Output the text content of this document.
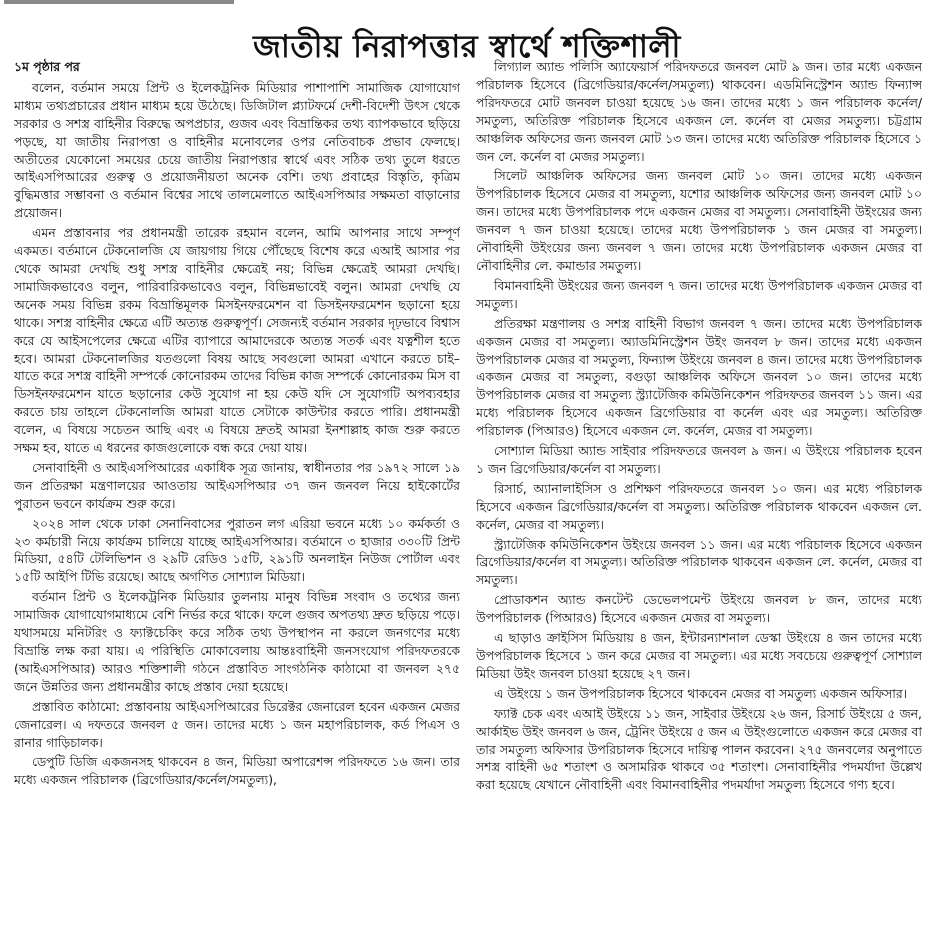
জাতীয় নিরাপত্তার স্বার্থে শক্তিশালী

১ম পৃষ্ঠার পর

বলেন, বর্তমান সময়ে প্রিন্ট ও ইলেকট্রনিক মিডিয়ার পাশাপাশি সামাজিক যোগাযোগ মাধ্যম তথ্যপ্রচারের প্রধান মাধ্যম হয়ে উঠেছে। ডিজিটাল প্ল্যাটফর্মে দেশী-বিদেশী উৎস থেকে সরকার ও সশস্ত্র বাহিনীর বিরুদ্ধে অপপ্রচার, গুজব এবং বিভ্রান্তিকর তথ্য ব্যাপকভাবে ছড়িয়ে পড়ছে, যা জাতীয় নিরাপত্তা ও বাহিনীর মনোবলের ওপর নেতিবাচক প্রভাব ফেলছে। অতীতের যেকোনো সময়ের চেয়ে জাতীয় নিরাপত্তার স্বার্থে এবং সঠিক তথ্য তুলে ধরতে আইএসপিআরের গুরুত্ব ও প্রয়োজনীয়তা অনেক বেশি। তথ্য প্রবাহের বিস্তৃতি, কৃত্রিম বুদ্ধিমত্তার সম্ভাবনা ও বর্তমান বিশ্বের সাথে তালমেলাতে আইএসপিআর সক্ষমতা বাড়ানোর প্রয়োজন।

এমন প্রস্তাবনার পর প্রধানমন্ত্রী তারেক রহমান বলেন, আমি আপনার সাথে সম্পূর্ণ একমত। বর্তমানে টেকনোলজি যে জায়গায় গিয়ে পৌঁছেছে বিশেষ করে এআই আসার পর থেকে আমরা দেখছি শুধু সশস্ত্র বাহিনীর ক্ষেত্রেই নয়; বিভিন্ন ক্ষেত্রেই আমরা দেখছি। সামাজিকভাবেও বলুন, পারিবারিকভাবেও বলুন, বিভিন্নভাবেই বলুন। আমরা দেখছি যে অনেক সময় বিভিন্ন রকম বিভ্রান্তিমূলক মিসইনফরমেশন বা ডিসইনফরমেশন ছড়ানো হয়ে থাকে। সশস্ত্র বাহিনীর ক্ষেত্রে এটি অত্যন্ত গুরুত্বপূর্ণ। সেজন্যই বর্তমান সরকার দৃঢ়ভাবে বিশ্বাস করে যে আইসপেলের ক্ষেত্রে এটির ব্যাপারে আমাদেরকে অত্যন্ত সতর্ক এবং যত্নশীল হতে হবে। আমরা টেকনোলজির যতগুলো বিষয় আছে সবগুলো আমরা এখানে করতে চাই– যাতে করে সশস্ত্র বাহিনী সম্পর্কে কোনোরকম তাদের বিভিন্ন কাজ সম্পর্কে কোনোরকম মিস বা ডিসইনফরমেশন যাতে ছড়ানোর কেউ সুযোগ না হয় কেউ যদি সে সুযোগটি অপব্যবহার করতে চায় তাহলে টেকনোলজি আমরা যাতে সেটাকে কাউন্টার করতে পারি। প্রধানমন্ত্রী বলেন, এ বিষয়ে সচেতন আছি এবং এ বিষয়ে দ্রুতই আমরা ইনশাল্লাহ কাজ শুরু করতে সক্ষম হব, যাতে এ ধরনের কাজগুলোকে বন্ধ করে দেয়া যায়।

সেনাবাহিনী ও আইএসপিআরের একাধিক সূত্র জানায়, স্বাধীনতার পর ১৯৭২ সালে ১৯ জন প্রতিরক্ষা মন্ত্রণালয়ের আওতায় আইএসপিআর ৩৭ জন জনবল নিয়ে হাইকোর্টের পুরাতন ভবনে কার্যক্রম শুরু করে।

২০২৪ সাল থেকে ঢাকা সেনানিবাসের পুরাতন লগ এরিয়া ভবনে মধ্যে ১০ কর্মকর্তা ও ২৩ কর্মচারী নিয়ে কার্যক্রম চালিয়ে যাচ্ছে আইএসপিআর। বর্তমানে ৩ হাজার ৩৩০টি প্রিন্ট মিডিয়া, ৫৪টি টেলিভিশন ও ২৯টি রেডিও ১৫টি, ২৯১টি অনলাইন নিউজ পোর্টাল এবং ১৫টি আইপি টিভি রয়েছে। আছে অগণিত সোশ্যাল মিডিয়া।

বর্তমান প্রিন্ট ও ইলেকট্রনিক মিডিয়ার তুলনায় মানুষ বিভিন্ন সংবাদ ও তথ্যের জন্য সামাজিক যোগাযোগমাধ্যমে বেশি নির্ভর করে থাকে। ফলে গুজব অপতথ্য দ্রুত ছড়িয়ে পড়ে। যথাসময়ে মনিটরিং ও ফ্যাক্টচেকিং করে সঠিক তথ্য উপস্থাপন না করলে জনগণের মধ্যে বিভ্রান্তি লক্ষ করা যায়। এ পরিস্থিতি মোকাবেলায় আন্তঃবাহিনী জনসংযোগ পরিদফতরকে (আইএসপিআর) আরও শক্তিশালী গঠনে প্রস্তাবিত সাংগঠনিক কাঠামো বা জনবল ২৭৫ জনে উন্নতির জন্য প্রধানমন্ত্রীর কাছে প্রস্তাব দেয়া হয়েছে।

প্রস্তাবিত কাঠামো: প্রস্তাবনায় আইএসপিআরের ডিরেক্টর জেনারেল হবেন একজন মেজর জেনারেল। এ দফতরে জনবল ৫ জন। তাদের মধ্যে ১ জন মহাপরিচালক, কর্ড পিএস ও রানার গাড়িচালক।

ডেপুটি ডিজি একজনসহ থাকবেন ৪ জন, মিডিয়া অপারেশন্স পরিদফতে ১৬ জন। তার মধ্যে একজন পরিচালক (ব্রিগেডিয়ার/কর্নেল/সমতুল্য),

লিগ্যাল অ্যান্ড পলিসি অ্যাফেয়ার্স পরিদফতরে জনবল মোট ৯ জন। তার মধ্যে একজন পরিচালক হিসেবে (ব্রিগেডিয়ার/কর্নেল/সমতুল্য) থাকবেন। এডমিনিস্ট্রেশন অ্যান্ড ফিন্যান্স পরিদফতরে মোট জনবল চাওয়া হয়েছে ১৬ জন। তাদের মধ্যে ১ জন পরিচালক কর্নেল/সমতুল্য, অতিরিক্ত পরিচালক হিসেবে একজন লে. কর্নেল বা মেজর সমতুল্য। চট্টগ্রাম আঞ্চলিক অফিসের জন্য জনবল মোট ১৩ জন। তাদের মধ্যে অতিরিক্ত পরিচালক হিসেবে ১ জন লে. কর্নেল বা মেজর সমতুল্য।

সিলেট আঞ্চলিক অফিসের জন্য জনবল মোট ১০ জন। তাদের মধ্যে একজন উপপরিচালক হিসেবে মেজর বা সমতুল্য, যশোর আঞ্চলিক অফিসের জন্য জনবল মোট ১০ জন। তাদের মধ্যে উপপরিচালক পদে একজন মেজর বা সমতুল্য। সেনাবাহিনী উইংয়ের জন্য জনবল ৭ জন চাওয়া হয়েছে। তাদের মধ্যে উপপরিচালক ১ জন মেজর বা সমতুল্য। নৌবাহিনী উইংয়ের জন্য জনবল ৭ জন। তাদের মধ্যে উপপরিচালক একজন মেজর বা নৌবাহিনীর লে. কমান্ডার সমতুল্য।

বিমানবাহিনী উইংয়ের জন্য জনবল ৭ জন। তাদের মধ্যে উপপরিচালক একজন মেজর বা সমতুল্য।

প্রতিরক্ষা মন্ত্রণালয় ও সশস্ত্র বাহিনী বিভাগ জনবল ৭ জন। তাদের মধ্যে উপপরিচালক একজন মেজর বা সমতুল্য। অ্যাডমিনিস্ট্রেশন উইং জনবল ৮ জন। তাদের মধ্যে একজন উপপরিচালক মেজর বা সমতুল্য, ফিন্যান্স উইংয়ে জনবল ৪ জন। তাদের মধ্যে উপপরিচালক একজন মেজর বা সমতুল্য, বগুড়া আঞ্চলিক অফিসে জনবল ১০ জন। তাদের মধ্যে উপপরিচালক মেজর বা সমতুল্য স্ট্র্যাটেজিক কমিউনিকেশন পরিদফতর জনবল ১১ জন। এর মধ্যে পরিচালক হিসেবে একজন ব্রিগেডিয়ার বা কর্নেল এবং এর সমতুল্য। অতিরিক্ত পরিচালক (পিআরও) হিসেবে একজন লে. কর্নেল, মেজর বা সমতুল্য।

সোশ্যাল মিডিয়া অ্যান্ড সাইবার পরিদফতরে জনবল ৯ জন। এ উইংয়ে পরিচালক হবেন ১ জন ব্রিগেডিয়ার/কর্নেল বা সমতুল্য।

রিসার্চ, অ্যানালাইসিস ও প্রশিক্ষণ পরিদফতরে জনবল ১০ জন। এর মধ্যে পরিচালক হিসেবে একজন ব্রিগেডিয়ার/কর্নেল বা সমতুল্য। অতিরিক্ত পরিচালক থাকবেন একজন লে. কর্নেল, মেজর বা সমতুল্য।

স্ট্র্যাটেজিক কমিউনিকেশন উইংয়ে জনবল ১১ জন। এর মধ্যে পরিচালক হিসেবে একজন ব্রিগেডিয়ার/কর্নেল বা সমতুল্য। অতিরিক্ত পরিচালক থাকবেন একজন লে. কর্নেল, মেজর বা সমতুল্য।

প্রোডাকশন অ্যান্ড কনটেন্ট ডেভেলপমেন্ট উইংয়ে জনবল ৮ জন, তাদের মধ্যে উপপরিচালক (পিআরও) হিসেবে একজন মেজর বা সমতুল্য।

এ ছাড়াও ক্রাইসিস মিডিয়ায় ৪ জন, ইন্টারন্যাশনাল ডেস্কা উইংয়ে ৪ জন তাদের মধ্যে উপপরিচালক হিসেবে ১ জন করে মেজর বা সমতুল্য। এর মধ্যে সবচেয়ে গুরুত্বপূর্ণ সোশ্যাল মিডিয়া উইং জনবল চাওয়া হয়েছে ২৭ জন।

এ উইংয়ে ১ জন উপপরিচালক হিসেবে থাকবেন মেজর বা সমতুল্য একজন অফিসার।

ফ্যাক্ট চেক এবং এআই উইংয়ে ১১ জন, সাইবার উইংয়ে ২৬ জন, রিসার্চ উইংয়ে ৫ জন, আর্কাইভ উইং জনবল ৬ জন, ট্রেনিং উইংয়ে ৫ জন এ উইংগুলোতে একজন করে মেজর বা তার সমতুল্য অফিসার উপরিচালক হিসেবে দায়িত্ব পালন করবেন। ২৭৫ জনবলের অনুপাতে সশস্ত্র বাহিনী ৬৫ শতাংশ ও অসামরিক থাকবে ৩৫ শতাংশ। সেনাবাহিনীর পদমর্যাদা উল্লেখ করা হয়েছে যেখানে নৌবাহিনী এবং বিমানবাহিনীর পদমর্যাদা সমতুল্য হিসেবে গণ্য হবে।
